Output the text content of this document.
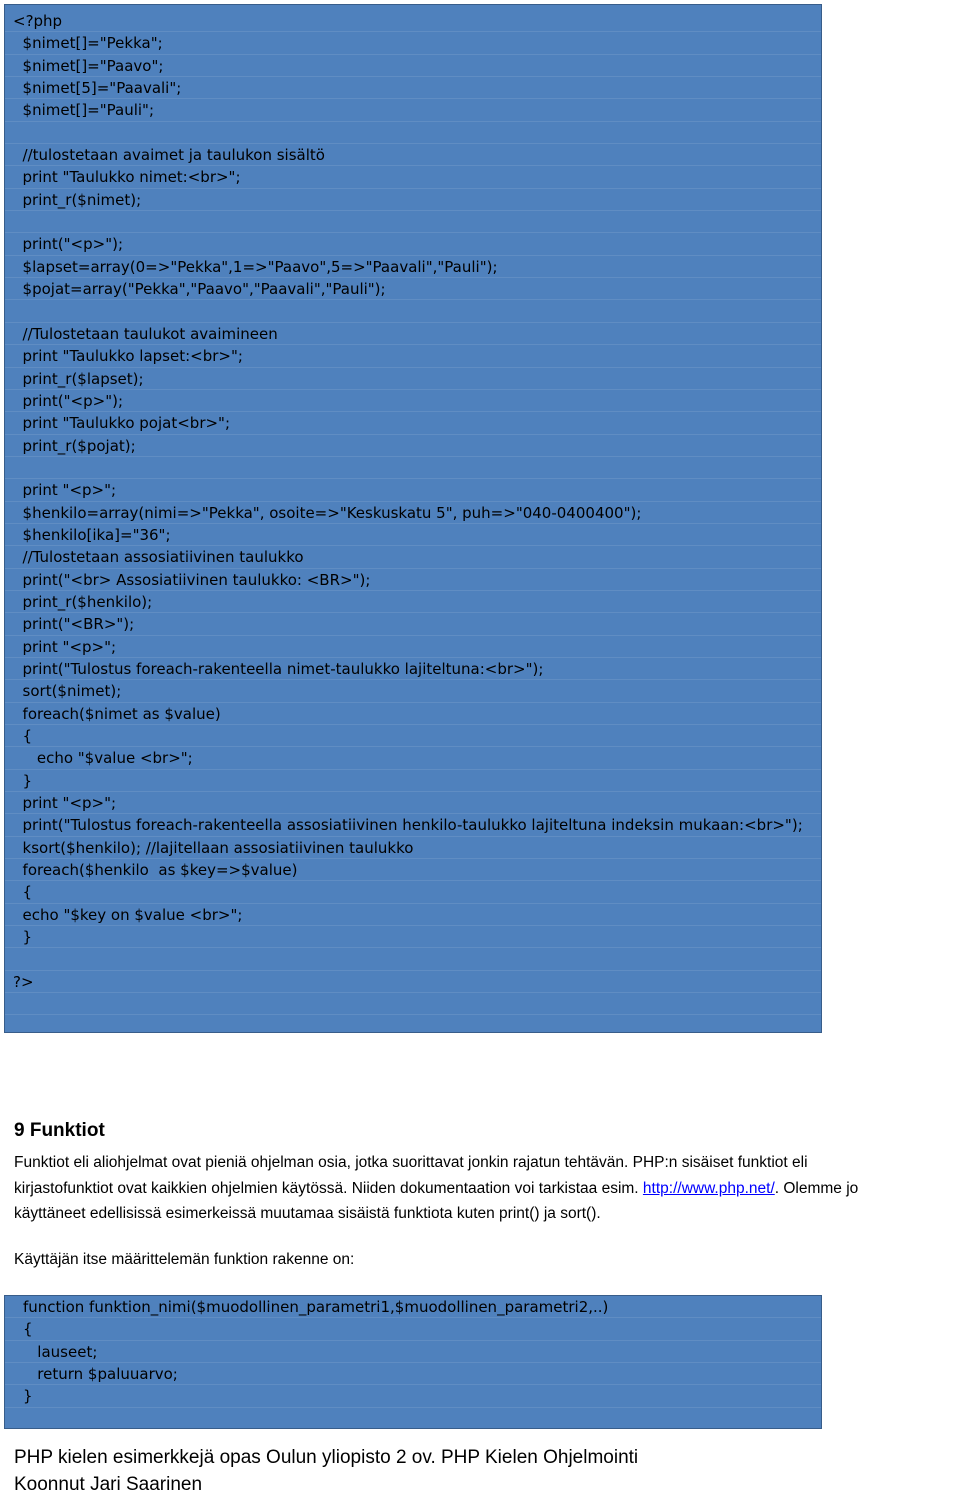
<?php
$nimet[]="Pekka";
$nimet[]="Paavo";
$nimet[5]="Paavali";
$nimet[]="Pauli";
//tulostetaan avaimet ja taulukon sisältö
print "Taulukko nimet:<br>";
print_r($nimet);
print("<p>");
$lapset=array(0=>"Pekka",1=>"Paavo",5=>"Paavali","Pauli");
$pojat=array("Pekka","Paavo","Paavali","Pauli");
//Tulostetaan taulukot avaimineen
print "Taulukko lapset:<br>";
print_r($lapset);
print("<p>");
print "Taulukko pojat<br>";
print_r($pojat);
print "<p>";
$henkilo=array(nimi=>"Pekka", osoite=>"Keskuskatu 5", puh=>"040-0400400");
$henkilo[ika]="36";
//Tulostetaan assosiatiivinen taulukko
print("<br> Assosiatiivinen taulukko: <BR>");
print_r($henkilo);
print("<BR>");
print "<p>";
print("Tulostus foreach-rakenteella nimet-taulukko lajiteltuna:<br>");
sort($nimet);
foreach($nimet as $value)
{
echo "$value <br>";
}
print "<p>";
print("Tulostus foreach-rakenteella assosiatiivinen henkilo-taulukko lajiteltuna indeksin mukaan:<br>");
ksort($henkilo); //lajitellaan assosiatiivinen taulukko
foreach($henkilo  as $key=>$value)
{
echo "$key on $value <br>";
}
?>
9 Funktiot
Funktiot eli aliohjelmat ovat pieniä ohjelman osia, jotka suorittavat jonkin rajatun tehtävän. PHP:n sisäiset funktiot eli
kirjastofunktiot ovat kaikkien ohjelmien käytössä. Niiden dokumentaation voi tarkistaa esim. http://www.php.net/. Olemme jo
käyttäneet edellisissä esimerkeissä muutamaa sisäistä funktiota kuten print() ja sort().
Käyttäjän itse määrittelemän funktion rakenne on:
function funktion_nimi($muodollinen_parametri1,$muodollinen_parametri2,..)
{
lauseet;
return $paluuarvo;
}
PHP kielen esimerkkejä opas Oulun yliopisto 2 ov. PHP Kielen Ohjelmointi
Koonnut Jari Saarinen
